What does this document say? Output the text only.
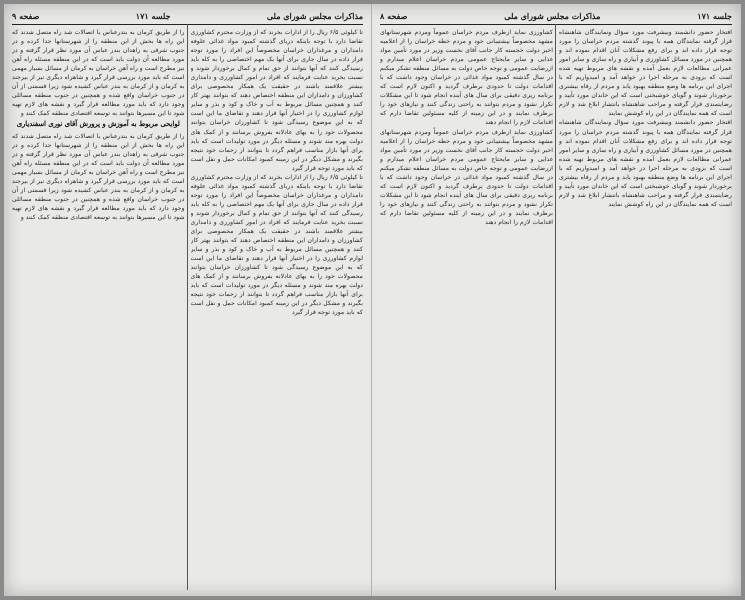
مذاکرات مجلس شورای ملی
جلسه ۱۷۱
صفحه ۹

تا کیلوئی ۶/۵ ریال را از ادارات بخرند که از وزارت محترم کشاورزی تقاضا دارد با توجه باینکه دریای گذشته کمبود مواد غذائی علوفه دامداران و مرغداران خراسان مخصوصاً این افراد را مورد توجه قرار داده در سال جاری برای آنها یک مهم اختصاصی را به کله باید رسیدگی کنند که آنها بتوانند از حق تمام و کمال برخوردار شوند و نسبت بخرید عنایت فرمایند که افراد در امور کشاورزی و دامداری بیشتر علاقمند باشند در حقیقت یک همکار مخصوصی برای کشاورزان و دامداران این منطقه اختصاص دهند که بتوانند بهتر کار کنند و همچنین مسائل مربوط به آب و خاک و کود و بذر و سایر لوازم کشاورزی را در اختیار آنها قرار دهند و تقاضای ما این است که به این موضوع رسیدگی شود تا کشاورزان خراسان بتوانند محصولات خود را به بهای عادلانه بفروش برسانند و از کمک های دولت بهره مند شوند و مسئله دیگر در مورد تولیدات است که باید برای آنها بازار مناسب فراهم گردد تا بتوانند از زحمات خود نتیجه بگیرند و مشکل دیگر در این زمینه کمبود امکانات حمل و نقل است که باید مورد توجه قرار گیرد

تا کیلوئی ۶/۵ ریال را از ادارات بخرند که از وزارت محترم کشاورزی تقاضا دارد با توجه باینکه دریای گذشته کمبود مواد غذائی علوفه دامداران و مرغداران خراسان مخصوصاً این افراد را مورد توجه قرار داده در سال جاری برای آنها یک مهم اختصاصی را به کله باید رسیدگی کنند که آنها بتوانند از حق تمام و کمال برخوردار شوند و نسبت بخرید عنایت فرمایند که افراد در امور کشاورزی و دامداری بیشتر علاقمند باشند در حقیقت یک همکار مخصوصی برای کشاورزان و دامداران این منطقه اختصاص دهند که بتوانند بهتر کار کنند و همچنین مسائل مربوط به آب و خاک و کود و بذر و سایر لوازم کشاورزی را در اختیار آنها قرار دهند و تقاضای ما این است که به این موضوع رسیدگی شود تا کشاورزان خراسان بتوانند محصولات خود را به بهای عادلانه بفروش برسانند و از کمک های دولت بهره مند شوند و مسئله دیگر در مورد تولیدات است که باید برای آنها بازار مناسب فراهم گردد تا بتوانند از زحمات خود نتیجه بگیرند و مشکل دیگر در این زمینه کمبود امکانات حمل و نقل است که باید مورد توجه قرار گیرد

را از طریق کرمان به بندرعباس با اتصالات شد راه متصل شدند که این راه ها بخش از این منطقه را از شهرستانها جدا کرده و در جنوب شرقی به زاهدان بندر عباس آن مورد نظر قرار گرفته و در مورد مطالعه آن دولت باید است که در این منطقه مسئله راه آهن نیز مطرح است و راه آهن خراسان به کرمان از مسائل بسیار مهمی است که باید مورد بررسی قرار گیرد و شاهراه دیگری نیز از بیرجند به کرمان و از کرمان به بندر عباس کشیده شود زیرا قسمتی از آن در جنوب خراسان واقع شده و همچنین در جنوب منطقه مسائلی وجود دارد که باید مورد مطالعه قرار گیرد و نقشه های لازم تهیه شود تا این مسیرها بتوانند به توسعه اقتصادی منطقه کمک کنند و

لوایحی مربوط به آموزش و پرورش آقای نوری اسفندیاری

را از طریق کرمان به بندرعباس با اتصالات شد راه متصل شدند که این راه ها بخش از این منطقه را از شهرستانها جدا کرده و در جنوب شرقی به زاهدان بندر عباس آن مورد نظر قرار گرفته و در مورد مطالعه آن دولت باید است که در این منطقه مسئله راه آهن نیز مطرح است و راه آهن خراسان به کرمان از مسائل بسیار مهمی است که باید مورد بررسی قرار گیرد و شاهراه دیگری نیز از بیرجند به کرمان و از کرمان به بندر عباس کشیده شود زیرا قسمتی از آن در جنوب خراسان واقع شده و همچنین در جنوب منطقه مسائلی وجود دارد که باید مورد مطالعه قرار گیرد و نقشه های لازم تهیه شود تا این مسیرها بتوانند به توسعه اقتصادی منطقه کمک کنند و

جلسه ۱۷۱
مذاکرات مجلس شورای ملی
صفحه ۸

افتخار حضور دانشمند وبیشرفت مورد سؤال ونمایندگان شاهنشاه قرار گرفته نمایندگان همه با پیوند گذشته مردم خراسان را مورد توجه قرار داده اند و برای رفع مشکلات آنان اقدام نموده اند و همچنین در مورد مسائل کشاورزی و آبیاری و راه سازی و سایر امور عمرانی مطالعات لازم بعمل آمده و نقشه های مربوط تهیه شده است که بزودی به مرحله اجرا در خواهد آمد و امیدواریم که با اجرای این برنامه ها وضع منطقه بهبود یابد و مردم از رفاه بیشتری برخوردار شوند و گویای خوشبختی است که این خاندان مورد تأیید و رضایتمندی قرار گرفته و مراحب شاهنشاه بانتشار ابلاغ شد و لازم است که همه نمایندگان در این راه کوشش نمایند

افتخار حضور دانشمند وبیشرفت مورد سؤال ونمایندگان شاهنشاه قرار گرفته نمایندگان همه با پیوند گذشته مردم خراسان را مورد توجه قرار داده اند و برای رفع مشکلات آنان اقدام نموده اند و همچنین در مورد مسائل کشاورزی و آبیاری و راه سازی و سایر امور عمرانی مطالعات لازم بعمل آمده و نقشه های مربوط تهیه شده است که بزودی به مرحله اجرا در خواهد آمد و امیدواریم که با اجرای این برنامه ها وضع منطقه بهبود یابد و مردم از رفاه بیشتری برخوردار شوند و گویای خوشبختی است که این خاندان مورد تأیید و رضایتمندی قرار گرفته و مراحب شاهنشاه بانتشار ابلاغ شد و لازم است که همه نمایندگان در این راه کوشش نمایند

کشاورزی نماید ازطرف مردم خراسان عموماً ومردم شهرستانهای مشهد مخصوصاً بپشتیبانی خود و مردم خطه خراسان را از اعلامیه اخیر دولت خجسته کار جانب آقای نخست وزیر در مورد تأمین مواد غذایی و سایر مایحتاج عمومی مردم خراسان اعلام میدارم و ازرضایت عمومی و توجه خاص دولت به مسائل منطقه تشکر میکنم در سال گذشته کمبود مواد غذائی در خراسان وجود داشت که با اقدامات دولت تا حدودی برطرف گردید و اکنون لازم است که برنامه ریزی دقیقی برای سال های آینده انجام شود تا این مشکلات تکرار نشود و مردم بتوانند به راحتی زندگی کنند و نیازهای خود را برطرف نمایند و در این زمینه از کلیه مسئولین تقاضا دارم که اقدامات لازم را انجام دهند

کشاورزی نماید ازطرف مردم خراسان عموماً ومردم شهرستانهای مشهد مخصوصاً بپشتیبانی خود و مردم خطه خراسان را از اعلامیه اخیر دولت خجسته کار جانب آقای نخست وزیر در مورد تأمین مواد غذایی و سایر مایحتاج عمومی مردم خراسان اعلام میدارم و ازرضایت عمومی و توجه خاص دولت به مسائل منطقه تشکر میکنم در سال گذشته کمبود مواد غذائی در خراسان وجود داشت که با اقدامات دولت تا حدودی برطرف گردید و اکنون لازم است که برنامه ریزی دقیقی برای سال های آینده انجام شود تا این مشکلات تکرار نشود و مردم بتوانند به راحتی زندگی کنند و نیازهای خود را برطرف نمایند و در این زمینه از کلیه مسئولین تقاضا دارم که اقدامات لازم را انجام دهند
